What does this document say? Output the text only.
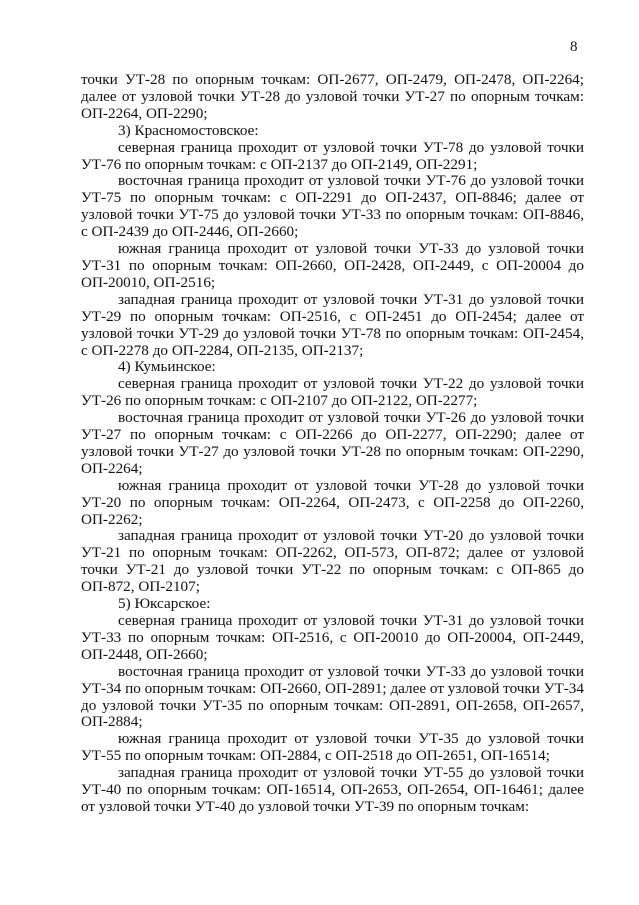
8

точки УТ-28 по опорным точкам: ОП-2677, ОП-2479, ОП-2478, ОП-2264; далее от узловой точки УТ-28 до узловой точки УТ-27 по опорным точкам: ОП-2264, ОП-2290;

3) Красномостовское:

северная граница проходит от узловой точки УТ-78 до узловой точки УТ-76 по опорным точкам: с ОП-2137 до ОП-2149, ОП-2291;

восточная граница проходит от узловой точки УТ-76 до узловой точки УТ-75 по опорным точкам: с ОП-2291 до ОП-2437, ОП-8846; далее от узловой точки УТ-75 до узловой точки УТ-33 по опорным точкам: ОП-8846, с ОП-2439 до ОП-2446, ОП-2660;

южная граница проходит от узловой точки УТ-33 до узловой точки УТ-31 по опорным точкам: ОП-2660, ОП-2428, ОП-2449, с ОП-20004 до ОП-20010, ОП-2516;

западная граница проходит от узловой точки УТ-31 до узловой точки УТ-29 по опорным точкам: ОП-2516, с ОП-2451 до ОП-2454; далее от узловой точки УТ-29 до узловой точки УТ-78 по опорным точкам: ОП-2454, с ОП-2278 до ОП-2284, ОП-2135, ОП-2137;

4) Кумьинское:

северная граница проходит от узловой точки УТ-22 до узловой точки УТ-26 по опорным точкам: с ОП-2107 до ОП-2122, ОП-2277;

восточная граница проходит от узловой точки УТ-26 до узловой точки УТ-27 по опорным точкам: с ОП-2266 до ОП-2277, ОП-2290; далее от узловой точки УТ-27 до узловой точки УТ-28 по опорным точкам: ОП-2290, ОП-2264;

южная граница проходит от узловой точки УТ-28 до узловой точки УТ-20 по опорным точкам: ОП-2264, ОП-2473, с ОП-2258 до ОП-2260, ОП-2262;

западная граница проходит от узловой точки УТ-20 до узловой точки УТ-21 по опорным точкам: ОП-2262, ОП-573, ОП-872; далее от узловой точки УТ-21 до узловой точки УТ-22 по опорным точкам: с ОП-865 до ОП-872, ОП-2107;

5) Юксарское:

северная граница проходит от узловой точки УТ-31 до узловой точки УТ-33 по опорным точкам: ОП-2516, с ОП-20010 до ОП-20004, ОП-2449, ОП-2448, ОП-2660;

восточная граница проходит от узловой точки УТ-33 до узловой точки УТ-34 по опорным точкам: ОП-2660, ОП-2891; далее от узловой точки УТ-34 до узловой точки УТ-35 по опорным точкам: ОП-2891, ОП-2658, ОП-2657, ОП-2884;

южная граница проходит от узловой точки УТ-35 до узловой точки УТ-55 по опорным точкам: ОП-2884, с ОП-2518 до ОП-2651, ОП-16514;

западная граница проходит от узловой точки УТ-55 до узловой точки УТ-40 по опорным точкам: ОП-16514, ОП-2653, ОП-2654, ОП-16461; далее от узловой точки УТ-40 до узловой точки УТ-39 по опорным точкам:
